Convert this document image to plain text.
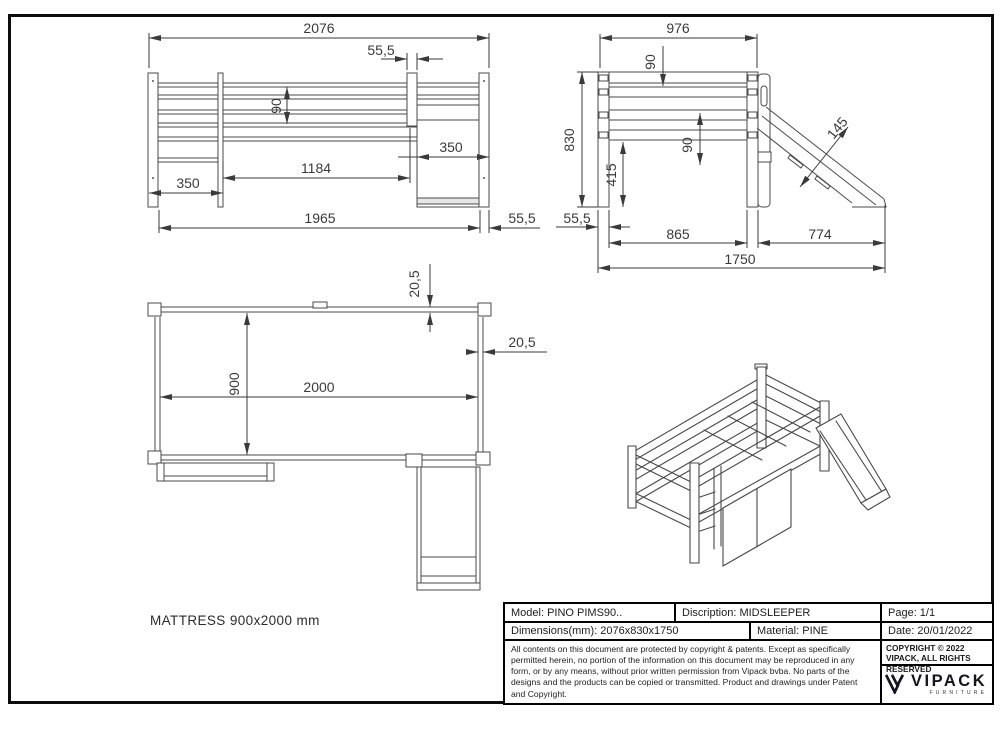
2076
55,5
90
1184
350
350
1965	55,5
976
90
830
415
90
145
55,5
865	774
1750
20,5
20,5
900	2000
MATTRESS 900x2000 mm
Model: PINO PIMS90..	Discription: MIDSLEEPER	Page: 1/1
Dimensions(mm): 2076x830x1750	Material: PINE	Date: 20/01/2022
All contents on this document are protected by copyright & patents. Except as specifically permitted herein, no portion of the information on this document may be reproduced in any form, or by any means, without prior written permission from Vipack bvba. No parts of the designs and the products can be copied or transmitted. Product and drawings under Patent and Copyright.
COPYRIGHT © 2022 VIPACK, ALL RIGHTS RESERVED
VIPACK
FURNITURE
